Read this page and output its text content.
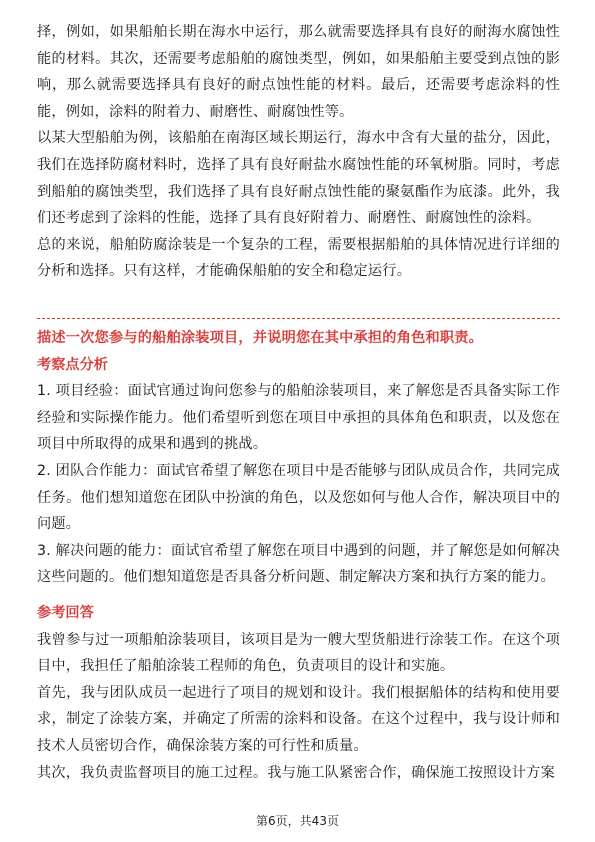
择，例如，如果船舶长期在海水中运行，那么就需要选择具有良好的耐海水腐蚀性能的材料。其次，还需要考虑船舶的腐蚀类型，例如，如果船舶主要受到点蚀的影响，那么就需要选择具有良好的耐点蚀性能的材料。最后，还需要考虑涂料的性能，例如，涂料的附着力、耐磨性、耐腐蚀性等。

以某大型船舶为例，该船舶在南海区域长期运行，海水中含有大量的盐分，因此，我们在选择防腐材料时，选择了具有良好耐盐水腐蚀性能的环氧树脂。同时，考虑到船舶的腐蚀类型，我们选择了具有良好耐点蚀性能的聚氨酯作为底漆。此外，我们还考虑到了涂料的性能，选择了具有良好附着力、耐磨性、耐腐蚀性的涂料。

总的来说，船舶防腐涂装是一个复杂的工程，需要根据船舶的具体情况进行详细的分析和选择。只有这样，才能确保船舶的安全和稳定运行。

描述一次您参与的船舶涂装项目，并说明您在其中承担的角色和职责。

考察点分析

1. 项目经验：面试官通过询问您参与的船舶涂装项目，来了解您是否具备实际工作经验和实际操作能力。他们希望听到您在项目中承担的具体角色和职责，以及您在项目中所取得的成果和遇到的挑战。

2. 团队合作能力：面试官希望了解您在项目中是否能够与团队成员合作，共同完成任务。他们想知道您在团队中扮演的角色，以及您如何与他人合作，解决项目中的问题。

3. 解决问题的能力：面试官希望了解您在项目中遇到的问题，并了解您是如何解决这些问题的。他们想知道您是否具备分析问题、制定解决方案和执行方案的能力。

参考回答

我曾参与过一项船舶涂装项目，该项目是为一艘大型货船进行涂装工作。在这个项目中，我担任了船舶涂装工程师的角色，负责项目的设计和实施。

首先，我与团队成员一起进行了项目的规划和设计。我们根据船体的结构和使用要求，制定了涂装方案，并确定了所需的涂料和设备。在这个过程中，我与设计师和技术人员密切合作，确保涂装方案的可行性和质量。

其次，我负责监督项目的施工过程。我与施工队紧密合作，确保施工按照设计方案

第6页，共43页
